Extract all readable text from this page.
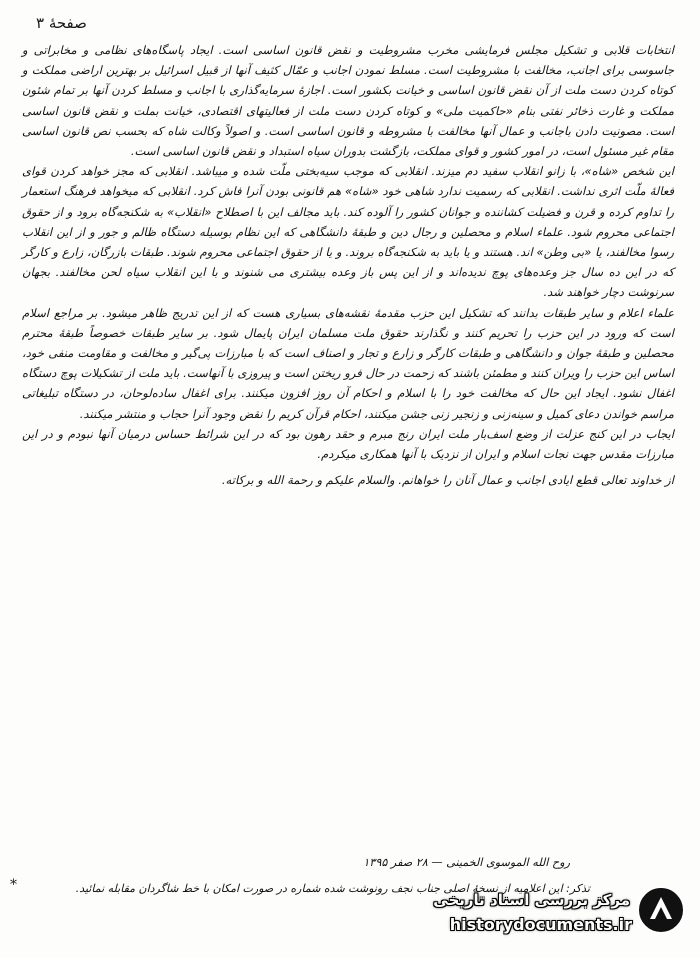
صفحهٔ ۳

انتخابات قلابی و تشکیل مجلس فرمایشی مخرب مشروطیت و نقض قانون اساسی است. ایجاد پاسگاه‌های نظامی و مخابراتی و جاسوسی برای اجانب، مخالفت با مشروطیت است. مسلط نمودن اجانب و عمّال کثیف آنها از قبیل اسرائیل بر بهترین اراضی مملکت و کوتاه کردن دست ملت از آن نقض قانون اساسی و خیانت بکشور است. اجازهٔ سرمایه‌گذاری با اجانب و مسلط کردن آنها بر تمام شئون مملکت و غارت ذخائر نفتی بنام «حاکمیت ملی» و کوتاه کردن دست ملت از فعالیتهای اقتصادی، خیانت بملت و نقض قانون اساسی است. مصونیت دادن باجانب و عمال آنها مخالفت با مشروطه و قانون اساسی است. و اصولاً وکالت شاه که بحسب نص قانون اساسی مقام غیر مسئول است، در امور کشور و قوای مملکت، بازگشت بدوران سیاه استبداد و نقض قانون اساسی است.

این شخص «شاه»، با زانو انقلاب سفید دم میزند. انقلابی که موجب سیه‌بختی ملّت شده و میباشد. انقلابی که مجز خواهد کردن قوای فعالهٔ ملّت اثری نداشت. انقلابی که رسمیت ندارد شاهی خود «شاه» هم قانونی بودن آنرا فاش کرد. انقلابی که میخواهد فرهنگ استعمار را تداوم کرده و قرن و فضیلت کشاننده و جوانان کشور را آلوده کند. باید مجالف این با اصطلاح «انقلاب» به شکنجه‌گاه برود و از حقوق اجتماعی محروم شود. علماء اسلام و محصلین و رجال دین و طبقهٔ دانشگاهی که این نظام بوسیله دستگاه ظالم و جور و از این انقلاب رسوا مخالفند، یا «بی وطن» اند. هستند و یا باید به شکنجه‌گاه بروند. و یا از حقوق اجتماعی محروم شوند. طبقات بازرگان، زارع و کارگر که در این ده سال جز وعده‌های پوچ ندیده‌اند و از این پس باز وعده بیشتری می شنوند و با این انقلاب سیاه لحن مخالفند. بجهان سرنوشت دچار خواهند شد.

علماء اعلام و سایر طبقات بدانند که تشکیل این حزب مقدمهٔ نقشه‌های بسیاری هست که از این تدریج ظاهر میشود. بر مراجع اسلام است که ورود در این حزب را تحریم کنند و نگذارند حقوق ملت مسلمان ایران پایمال شود. بر سایر طبقات خصوصاً طبقهٔ محترم محصلین و طبقهٔ جوان و دانشگاهی و طبقات کارگر و زارع و تجار و اصناف است که با مبارزات پی‌گیر و مخالفت و مقاومت منفی خود، اساس این حزب را ویران کنند و مطمئن باشند که زحمت در حال فرو ریختن است و پیروزی با آنهاست. باید ملت از تشکیلات پوچ دستگاه اغفال نشود. ایجاد این حال که مخالفت خود را با اسلام و احکام آن روز افزون میکنند. برای اغفال ساده‌لوحان، در دستگاه تبلیغاتی مراسم خواندن دعای کمیل و سینه‌زنی و زنجیر زنی جشن میکنند، احکام قرآن کریم را نقض وجود آنرا حجاب و منتشر میکنند.

ایجاب در این کنج عزلت از وضع اسف‌بار ملت ایران رنج مبرم و حقد رهون بود که در این شرائط حساس درمیان آنها نبودم و در این مبارزات مقدس جهت نجات اسلام و ایران از نزدیک با آنها همکاری میکردم.

از خداوند تعالی قطع ایادی اجانب و عمال آنان را خواهانم. والسلام علیکم و رحمة الله و برکاته.

روح الله الموسوی الخمینی — ۲۸ صفر ۱۳۹۵
*	تذکر: این اعلامیه از نسخهٔ اصلی جناب نجف رونوشت شده شماره در صورت امکان با خط شاگردان مقابله نمائید.
مرکز بررسی اسناد تاریخی
historydocuments.ir
